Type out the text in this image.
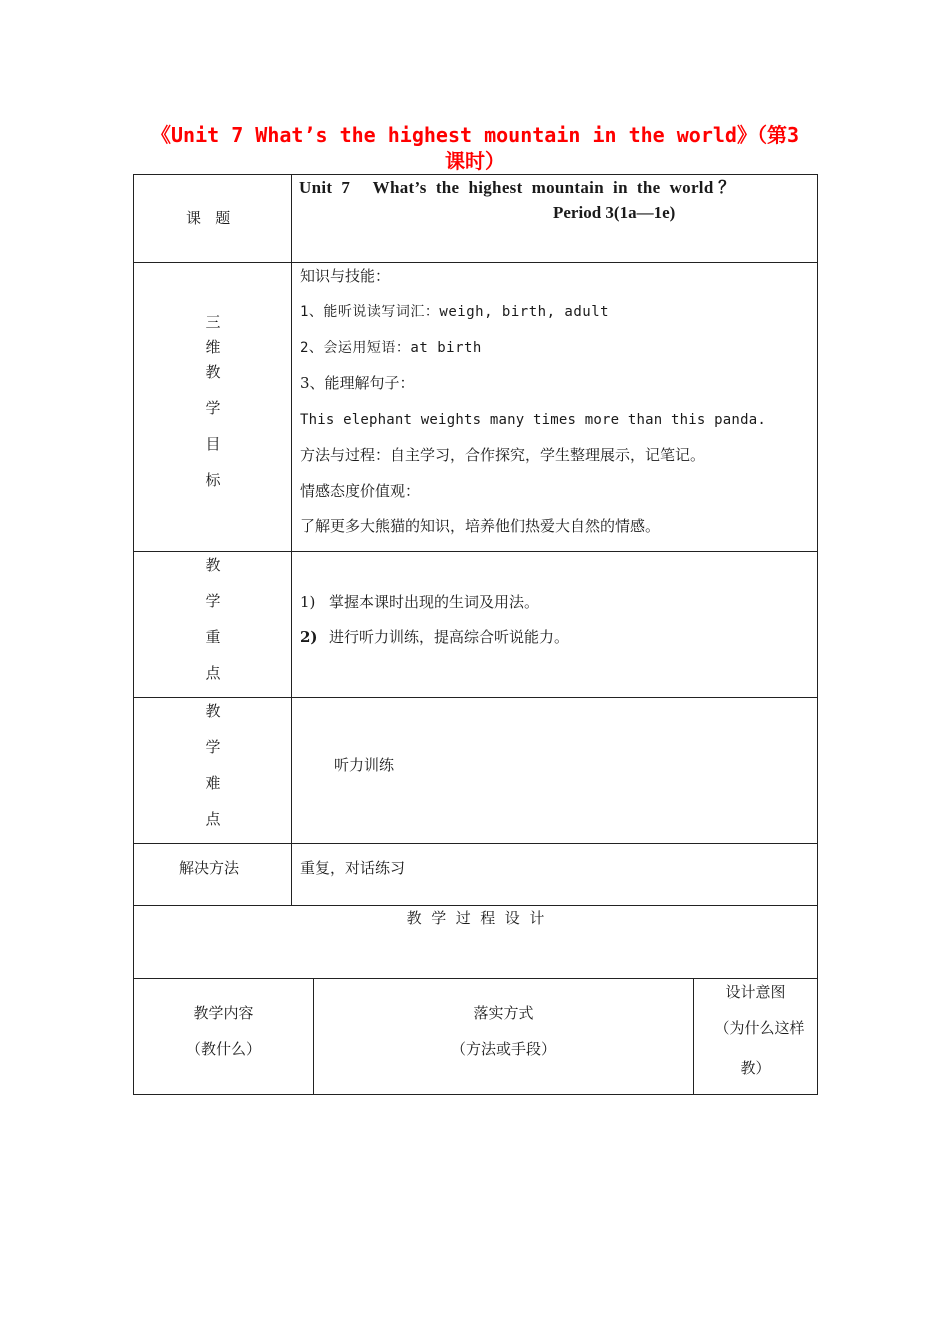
《Unit 7 What’s the highest mountain in the world》（第3
课时）
课   题
Unit  7     What’s  the  highest  mountain  in  the  world ？
Period 3(1a—1e)
三
维
教
学
目
标
知识与技能：
1、能听说读写词汇：weigh, birth, adult
2、会运用短语：at birth
3、能理解句子：
This elephant weights many times more than this panda.
方法与过程：自主学习，合作探究，学生整理展示，记笔记。
情感态度价值观：
了解更多大熊猫的知识，培养他们热爱大自然的情感。
教
学
重
点
1) 掌握本课时出现的生词及用法。
2) 进行听力训练，提高综合听说能力。
教
学
难
点
听力训练
解决方法	重复，对话练习
教  学  过  程  设  计
教学内容
（教什么）
落实方式
（方法或手段）
设计意图
（为什么这样
教）
